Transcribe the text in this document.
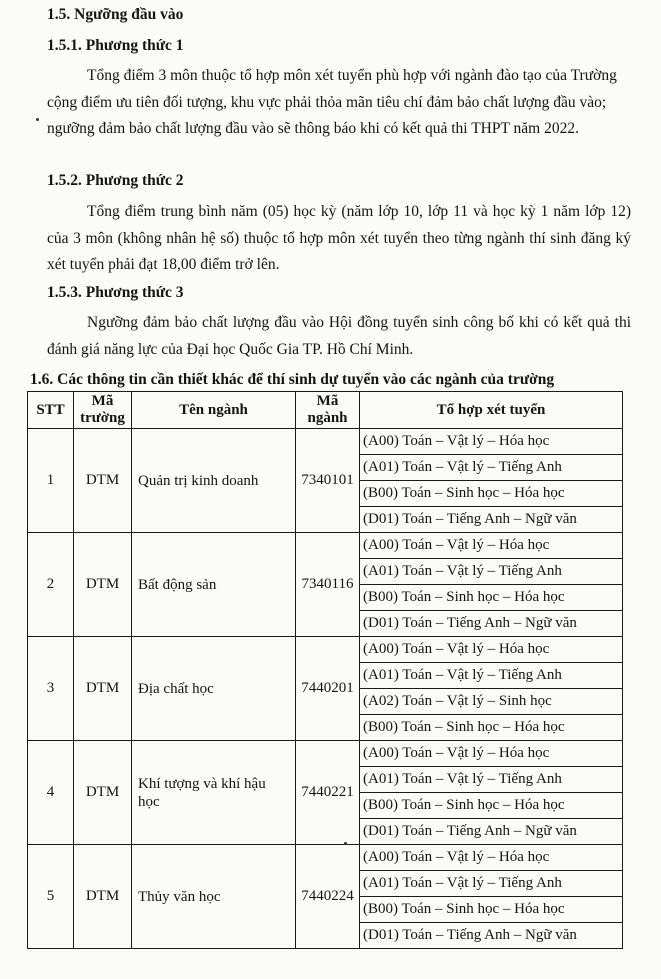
1.5. Ngưỡng đầu vào
1.5.1. Phương thức 1
Tổng điểm 3 môn thuộc tổ hợp môn xét tuyển phù hợp với ngành đào tạo của Trường cộng điểm ưu tiên đối tượng, khu vực phải thỏa mãn tiêu chí đảm bảo chất lượng đầu vào; ngưỡng đảm bảo chất lượng đầu vào sẽ thông báo khi có kết quả thi THPT năm 2022.
1.5.2. Phương thức 2
Tổng điểm trung bình năm (05) học kỳ (năm lớp 10, lớp 11 và học kỳ 1 năm lớp 12) của 3 môn (không nhân hệ số) thuộc tổ hợp môn xét tuyển theo từng ngành thí sinh đăng ký xét tuyển phải đạt 18,00 điểm trở lên.
1.5.3. Phương thức 3
Ngưỡng đảm bảo chất lượng đầu vào Hội đồng tuyển sinh công bố khi có kết quả thi đánh giá năng lực của Đại học Quốc Gia TP. Hồ Chí Minh.
1.6. Các thông tin cần thiết khác để thí sinh dự tuyển vào các ngành của trường
STT	Mã trường	Tên ngành	Mã ngành	Tổ hợp xét tuyển
1	DTM	Quản trị kinh doanh	7340101	(A00) Toán – Vật lý – Hóa học
				(A01) Toán – Vật lý – Tiếng Anh
				(B00) Toán – Sinh học – Hóa học
				(D01) Toán – Tiếng Anh – Ngữ văn
2	DTM	Bất động sản	7340116	(A00) Toán – Vật lý – Hóa học
				(A01) Toán – Vật lý – Tiếng Anh
				(B00) Toán – Sinh học – Hóa học
				(D01) Toán – Tiếng Anh – Ngữ văn
3	DTM	Địa chất học	7440201	(A00) Toán – Vật lý – Hóa học
				(A01) Toán – Vật lý – Tiếng Anh
				(A02) Toán – Vật lý – Sinh học
				(B00) Toán – Sinh học – Hóa học
4	DTM	Khí tượng và khí hậu học	7440221	(A00) Toán – Vật lý – Hóa học
				(A01) Toán – Vật lý – Tiếng Anh
				(B00) Toán – Sinh học – Hóa học
				(D01) Toán – Tiếng Anh – Ngữ văn
5	DTM	Thủy văn học	7440224	(A00) Toán – Vật lý – Hóa học
				(A01) Toán – Vật lý – Tiếng Anh
				(B00) Toán – Sinh học – Hóa học
				(D01) Toán – Tiếng Anh – Ngữ văn
